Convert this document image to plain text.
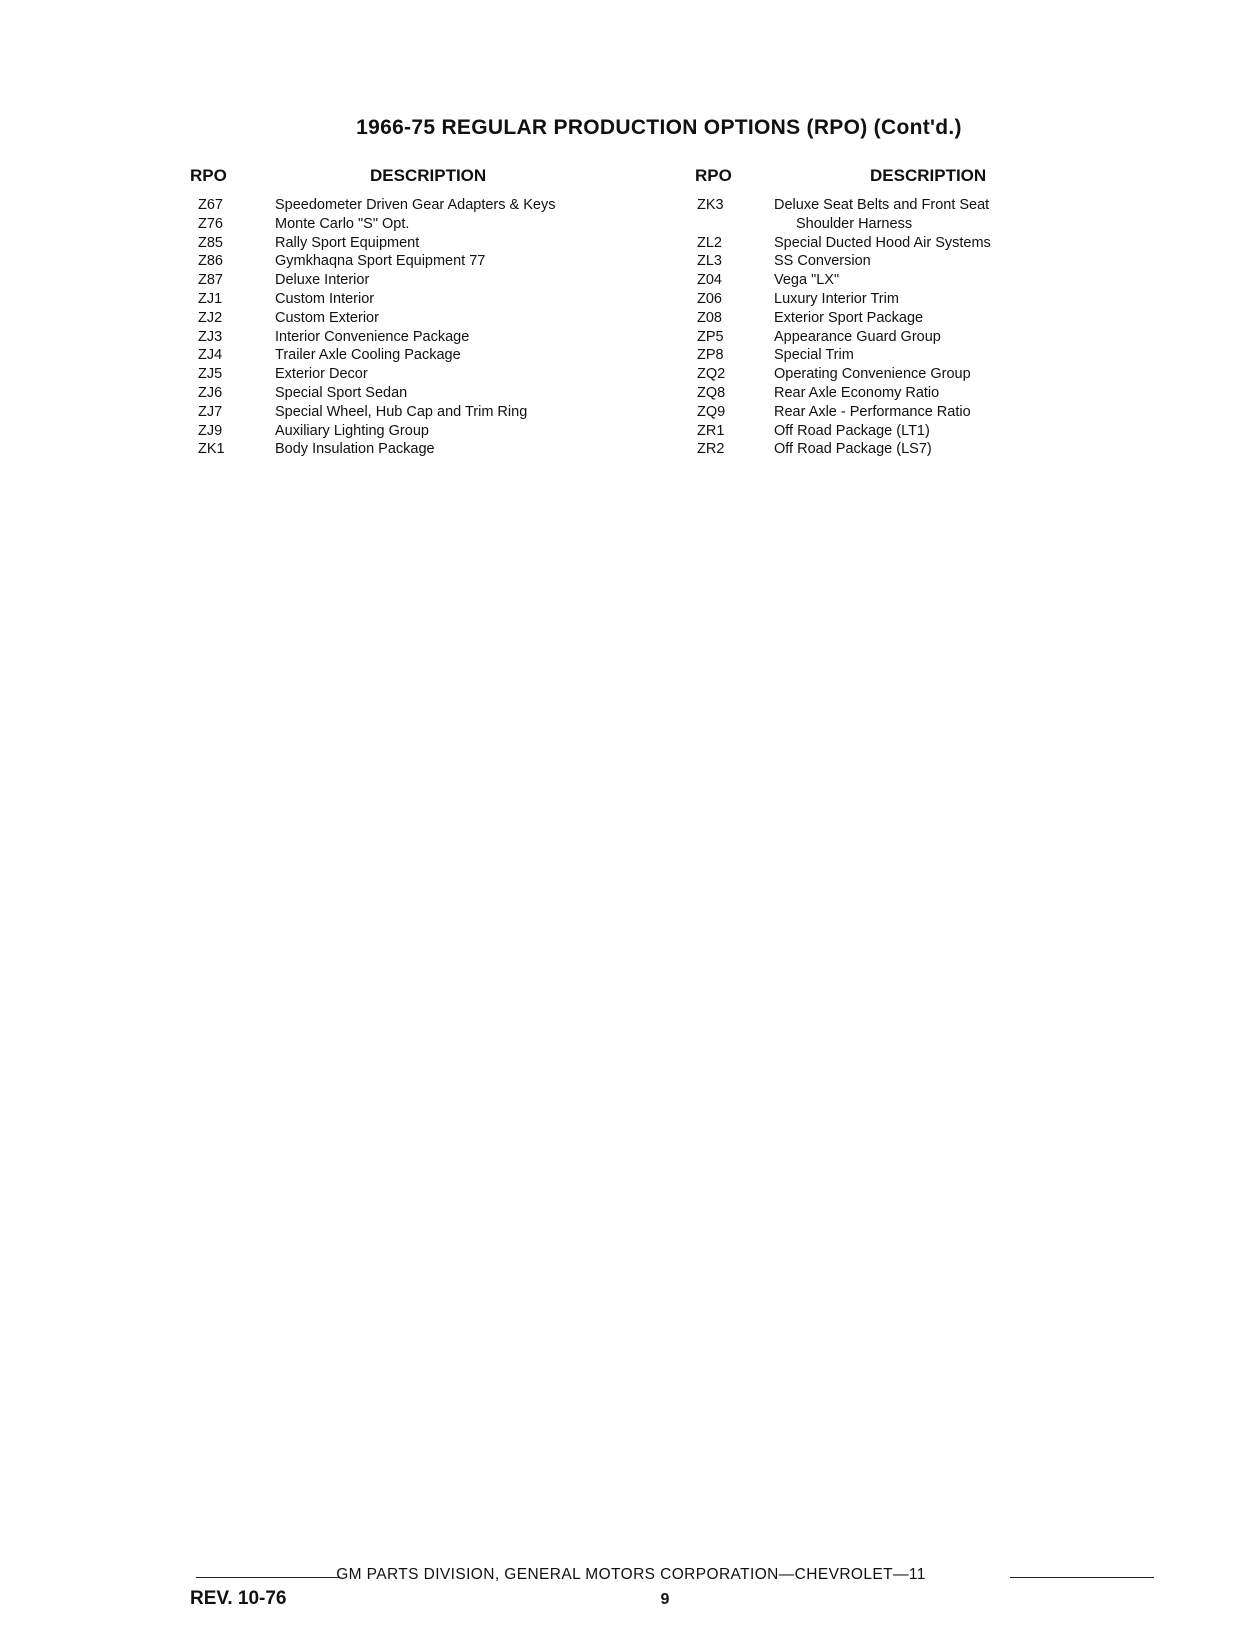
1966-75 REGULAR PRODUCTION OPTIONS (RPO) (Cont'd.)
RPO	DESCRIPTION
Z67	Speedometer Driven Gear Adapters & Keys
Z76	Monte Carlo "S" Opt.
Z85	Rally Sport Equipment
Z86	Gymkhaqna Sport Equipment 77
Z87	Deluxe Interior
ZJ1	Custom Interior
ZJ2	Custom Exterior
ZJ3	Interior Convenience Package
ZJ4	Trailer Axle Cooling Package
ZJ5	Exterior Decor
ZJ6	Special Sport Sedan
ZJ7	Special Wheel, Hub Cap and Trim Ring
ZJ9	Auxiliary Lighting Group
ZK1	Body Insulation Package
RPO	DESCRIPTION
ZK3	Deluxe Seat Belts and Front Seat
Shoulder Harness
ZL2	Special Ducted Hood Air Systems
ZL3	SS Conversion
Z04	Vega "LX"
Z06	Luxury Interior Trim
Z08	Exterior Sport Package
ZP5	Appearance Guard Group
ZP8	Special Trim
ZQ2	Operating Convenience Group
ZQ8	Rear Axle Economy Ratio
ZQ9	Rear Axle - Performance Ratio
ZR1	Off Road Package (LT1)
ZR2	Off Road Package (LS7)
GM PARTS DIVISION, GENERAL MOTORS CORPORATION—CHEVROLET—11
REV. 10-76	9
